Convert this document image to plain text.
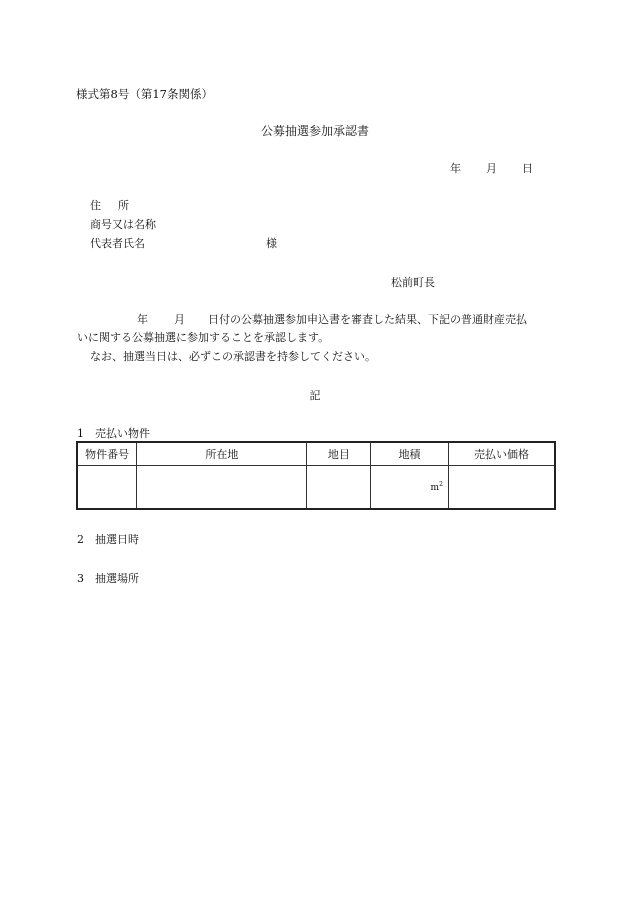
様式第8号（第17条関係）
公募抽選参加承認書
年 月 日
住 所
商号又は名称
代表者氏名	様
松前町長
年 月 日付の公募抽選参加申込書を審査した結果、下記の普通財産売払
いに関する公募抽選に参加することを承認します。
なお、抽選当日は、必ずこの承認書を持参してください。
記
1　売払い物件
物件番号	所在地	地目	地積	売払い価格

			$m^2$

2　抽選日時
3　抽選場所
